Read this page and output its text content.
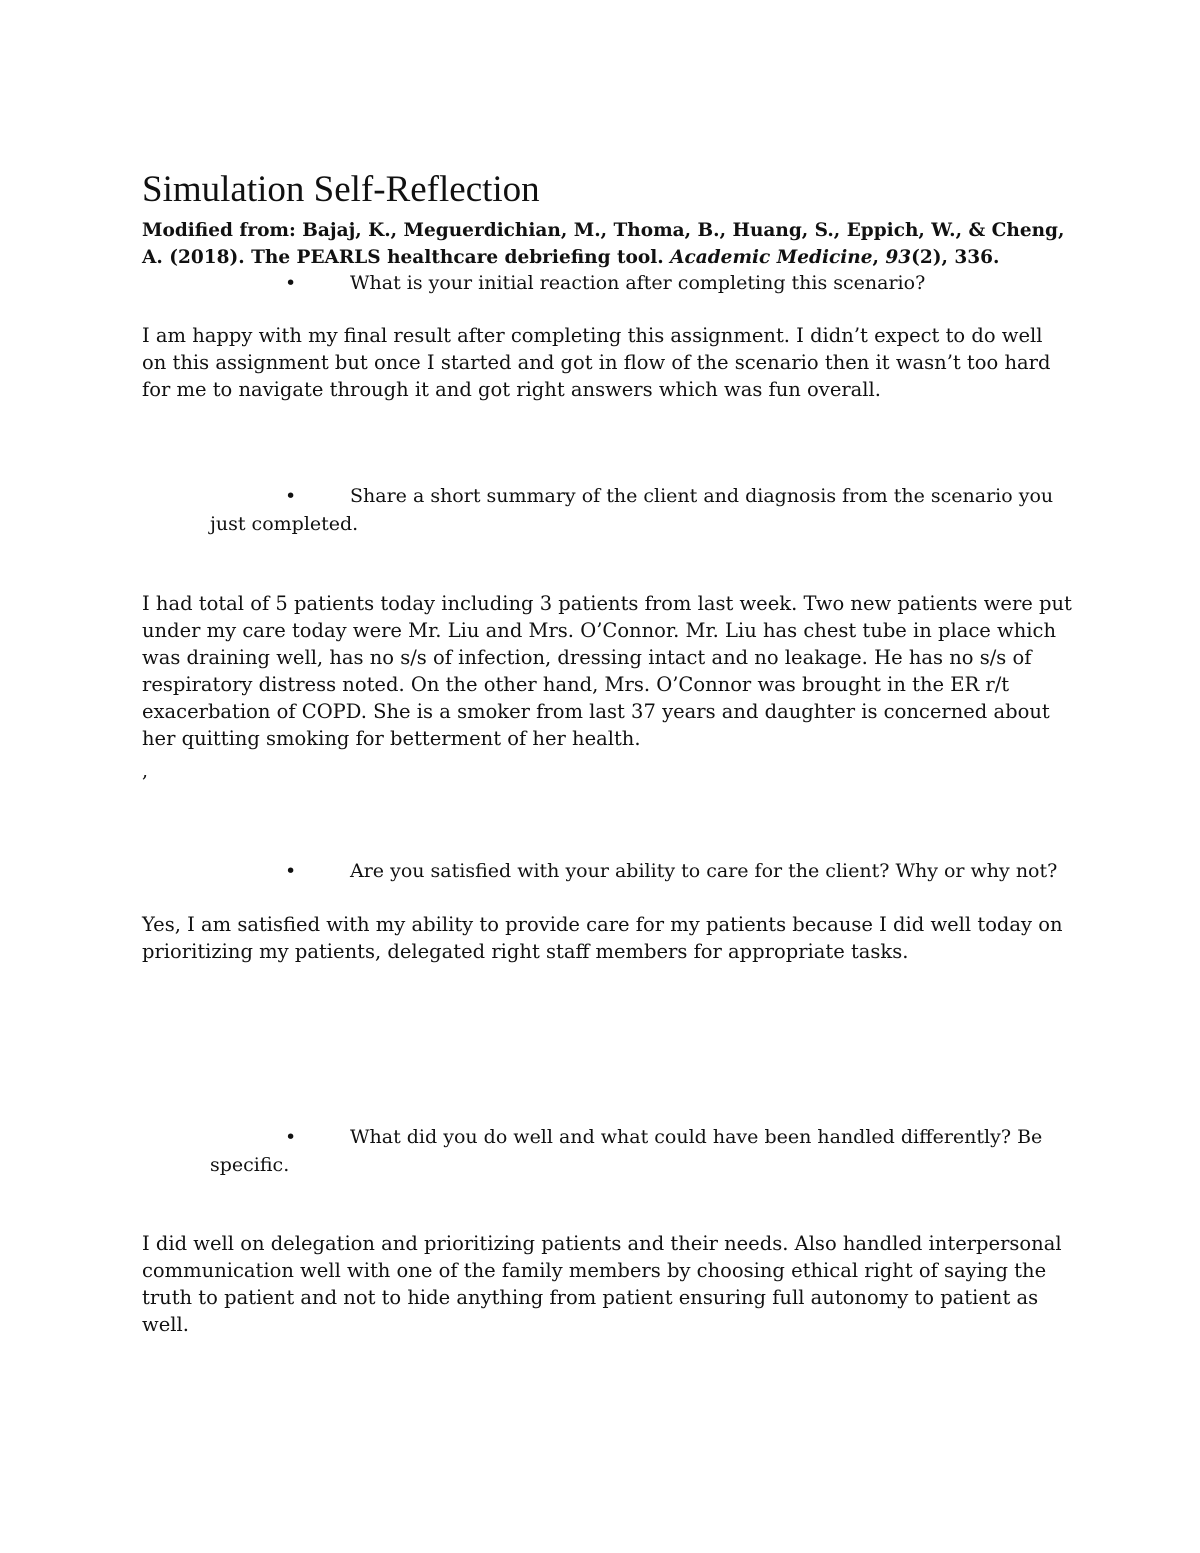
Simulation Self-Reflection

Modified from: Bajaj, K., Meguerdichian, M., Thoma, B., Huang, S., Eppich, W., & Cheng, A. (2018). The PEARLS healthcare debriefing tool. Academic Medicine, 93(2), 336.

•	What is your initial reaction after completing this scenario?

I am happy with my final result after completing this assignment. I didn’t expect to do well on this assignment but once I started and got in flow of the scenario then it wasn’t too hard for me to navigate through it and got right answers which was fun overall.

•	Share a short summary of the client and diagnosis from the scenario you just completed.

I had total of 5 patients today including 3 patients from last week. Two new patients were put under my care today were Mr. Liu and Mrs. O’Connor. Mr. Liu has chest tube in place which was draining well, has no s/s of infection, dressing intact and no leakage. He has no s/s of respiratory distress noted. On the other hand, Mrs. O’Connor was brought in the ER r/t exacerbation of COPD. She is a smoker from last 37 years and daughter is concerned about her quitting smoking for betterment of her health.

,
•	Are you satisfied with your ability to care for the client? Why or why not?

Yes, I am satisfied with my ability to provide care for my patients because I did well today on prioritizing my patients, delegated right staff members for appropriate tasks.

•	What did you do well and what could have been handled differently? Be specific.

I did well on delegation and prioritizing patients and their needs. Also handled interpersonal communication well with one of the family members by choosing ethical right of saying the truth to patient and not to hide anything from patient ensuring full autonomy to patient as well.
